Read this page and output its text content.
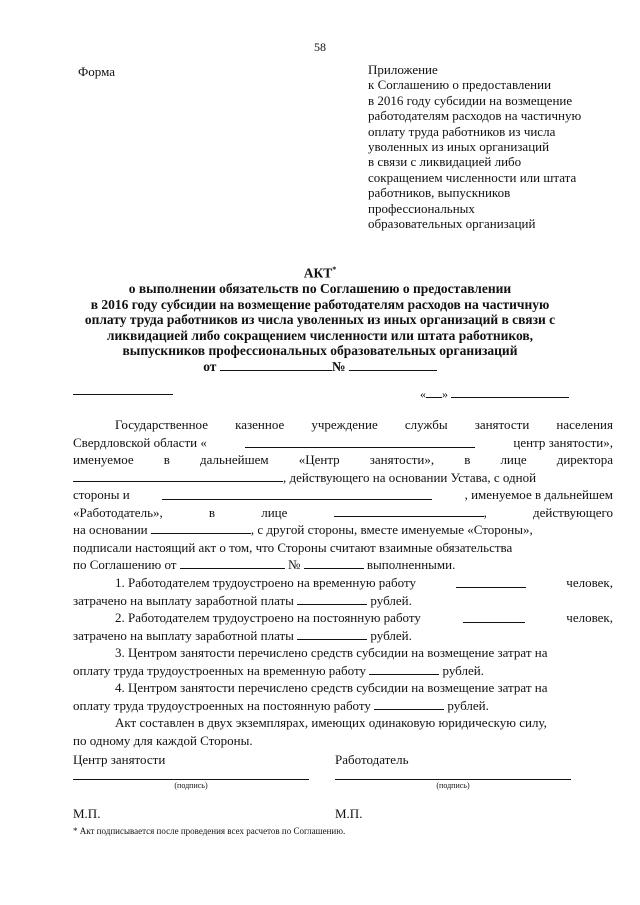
58
Форма	Приложение
к Соглашению о предоставлении
в 2016 году субсидии на возмещение
работодателям расходов на частичную
оплату труда работников из числа
уволенных из иных организаций
в связи с ликвидацией либо
сокращением численности или штата
работников, выпускников
профессиональных
образовательных организаций
АКТ*
о выполнении обязательств по Соглашению о предоставлении
в 2016 году субсидии на возмещение работодателям расходов на частичную
оплату труда работников из числа уволенных из иных организаций в связи с
ликвидацией либо сокращением численности или штата работников,
выпускников профессиональных образовательных организаций
от	№
« »
Государственное казенное учреждение службы занятости населения
Свердловской области «	центр занятости»,
именуемое в дальнейшем «Центр занятости», в лице директора
, действующего на основании Устава, с одной
стороны и	, именуемое в дальнейшем
«Работодатель»,	в	лице	,	действующего
на основании	, с другой стороны, вместе именуемые «Стороны»,
подписали настоящий акт о том, что Стороны считают взаимные обязательства
по Соглашению от	№	выполненными.
1. Работодателем трудоустроено на временную работу	человек,
затрачено на выплату заработной платы	рублей.
2. Работодателем трудоустроено на постоянную работу	человек,
затрачено на выплату заработной платы	рублей.
3. Центром занятости перечислено средств субсидии на возмещение затрат на
оплату труда трудоустроенных на временную работу	рублей.
4. Центром занятости перечислено средств субсидии на возмещение затрат на
оплату труда трудоустроенных на постоянную работу	рублей.
Акт составлен в двух экземплярах, имеющих одинаковую юридическую силу,
по одному для каждой Стороны.
Центр занятости	Работодатель
(подпись)	(подпись)
М.П.	М.П.
* Акт подписывается после проведения всех расчетов по Соглашению.
